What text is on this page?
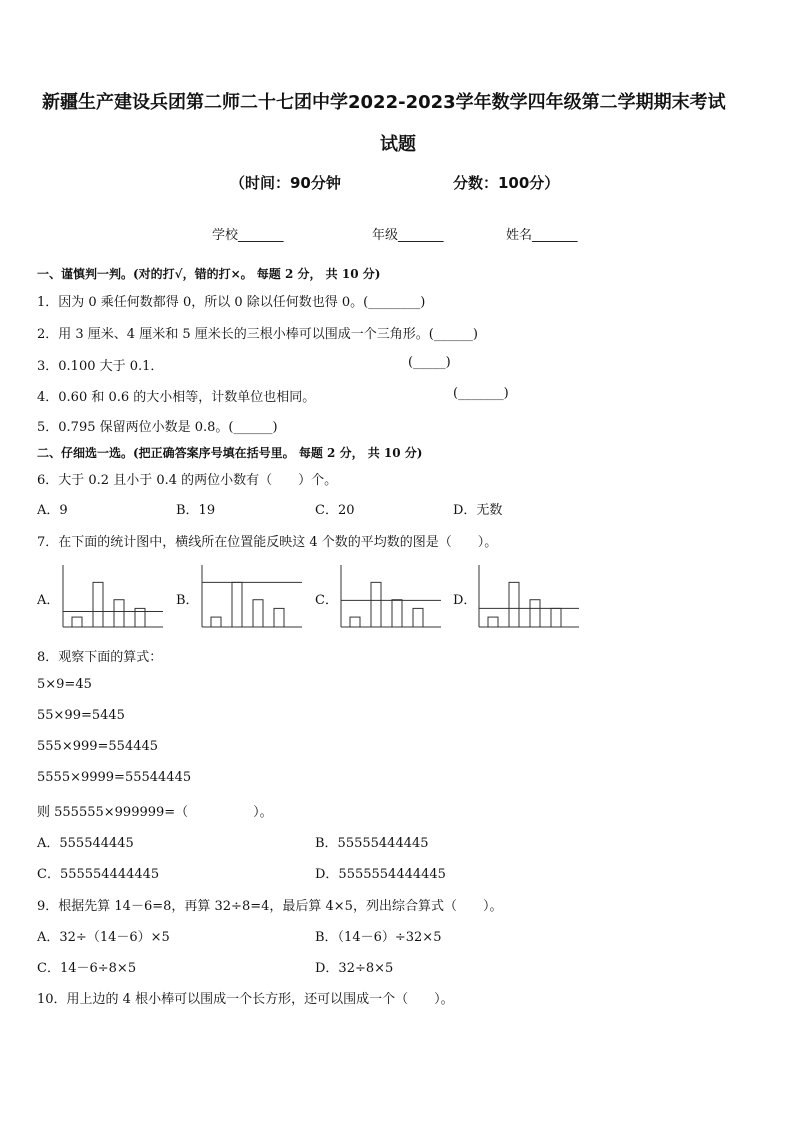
新疆生产建设兵团第二师二十七团中学2022-2023学年数学四年级第二学期期末考试
试题
（时间：90分钟	分数：100分）
学校_______	年级_______	姓名_______
一、谨慎判一判。(对的打√，错的打×。 每题 2 分， 共 10 分)
1．因为 0 乘任何数都得 0，所以 0 除以任何数也得 0。(________)
2．用 3 厘米、4 厘米和 5 厘米长的三根小棒可以围成一个三角形。(______)
3．0.100 大于 0.1．	(_____)
4．0.60 和 0.6 的大小相等，计数单位也相同。	(_______)
5．0.795 保留两位小数是 0.8。(______)
二、仔细选一选。(把正确答案序号填在括号里。 每题 2 分， 共 10 分)
6．大于 0.2 且小于 0.4 的两位小数有（　　）个。
A．9	B．19	C．20	D．无数
7．在下面的统计图中，横线所在位置能反映这 4 个数的平均数的图是（　　）。
A．	B．	C．	D．
8．观察下面的算式：
5×9=45
55×99=5445
555×999=554445
5555×9999=55544445
则 555555×999999=（　　　　　）。
A．555544445	B．55555444445
C．555554444445	D．5555554444445
9．根据先算 14－6=8，再算 32÷8=4，最后算 4×5，列出综合算式（　　）。
A．32÷（14－6）×5	B．（14－6）÷32×5
C．14－6÷8×5	D．32÷8×5
10．用上边的 4 根小棒可以围成一个长方形，还可以围成一个（　　）。
